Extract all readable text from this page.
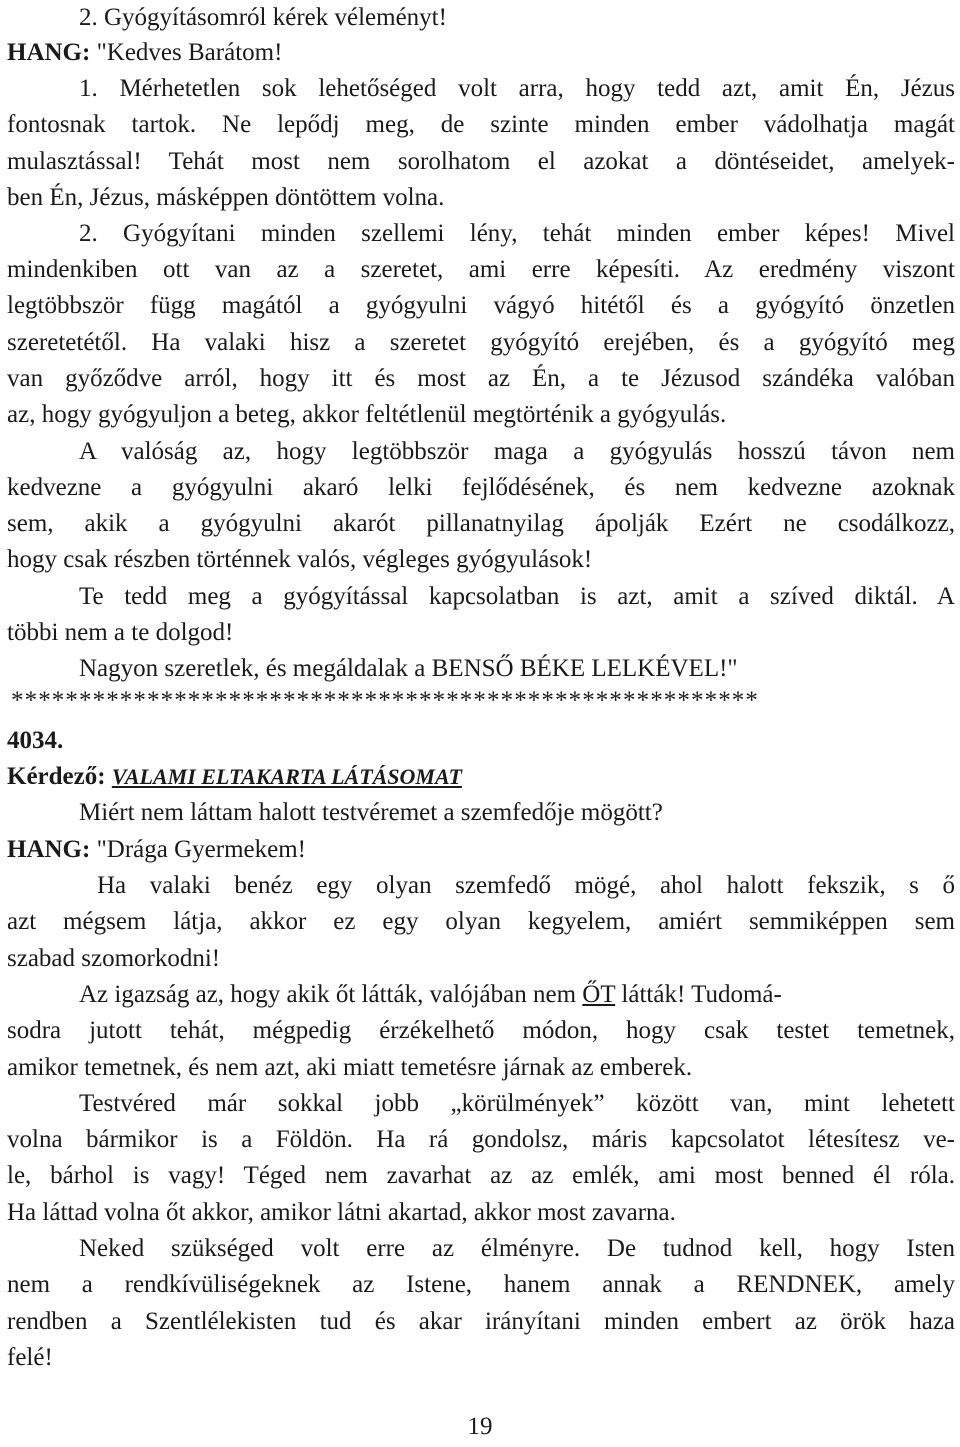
2. Gyógyításomról kérek véleményt!
HANG: "Kedves Barátom!
1. Mérhetetlen sok lehetőséged volt arra, hogy tedd azt, amit Én, Jézus
fontosnak tartok. Ne lepődj meg, de szinte minden ember vádolhatja magát
mulasztással! Tehát most nem sorolhatom el azokat a döntéseidet, amelyek-
ben Én, Jézus, másképpen döntöttem volna.
2. Gyógyítani minden szellemi lény, tehát minden ember képes! Mivel
mindenkiben ott van az a szeretet, ami erre képesíti. Az eredmény viszont
legtöbbször függ magától a gyógyulni vágyó hitétől és a gyógyító önzetlen
szeretetétől. Ha valaki hisz a szeretet gyógyító erejében, és a gyógyító meg
van győződve arról, hogy itt és most az Én, a te Jézusod szándéka valóban
az, hogy gyógyuljon a beteg, akkor feltétlenül megtörténik a gyógyulás.
A valóság az, hogy legtöbbször maga a gyógyulás hosszú távon nem
kedvezne a gyógyulni akaró lelki fejlődésének, és nem kedvezne azoknak
sem, akik a gyógyulni akarót pillanatnyilag ápolják Ezért ne csodálkozz,
hogy csak részben történnek valós, végleges gyógyulások!
Te tedd meg a gyógyítással kapcsolatban is azt, amit a szíved diktál. A
többi nem a te dolgod!
Nagyon szeretlek, és megáldalak a BENSŐ BÉKE LELKÉVEL!"
*******************************************************
4034.
Kérdező: VALAMI ELTAKARTA LÁTÁSOMAT
Miért nem láttam halott testvéremet a szemfedője mögött?
HANG: "Drága Gyermekem!
Ha valaki benéz egy olyan szemfedő mögé, ahol halott fekszik, s ő
azt mégsem látja, akkor ez egy olyan kegyelem, amiért semmiképpen sem
szabad szomorkodni!
Az igazság az, hogy akik őt látták, valójában nem ŐT látták! Tudomá-
sodra jutott tehát, mégpedig érzékelhető módon, hogy csak testet temetnek,
amikor temetnek, és nem azt, aki miatt temetésre járnak az emberek.
Testvéred már sokkal jobb „körülmények” között van, mint lehetett
volna bármikor is a Földön. Ha rá gondolsz, máris kapcsolatot létesítesz ve-
le, bárhol is vagy! Téged nem zavarhat az az emlék, ami most benned él róla.
Ha láttad volna őt akkor, amikor látni akartad, akkor most zavarna.
Neked szükséged volt erre az élményre. De tudnod kell, hogy Isten
nem a rendkívüliségeknek az Istene, hanem annak a RENDNEK, amely
rendben a Szentlélekisten tud és akar irányítani minden embert az örök haza
felé!
19
